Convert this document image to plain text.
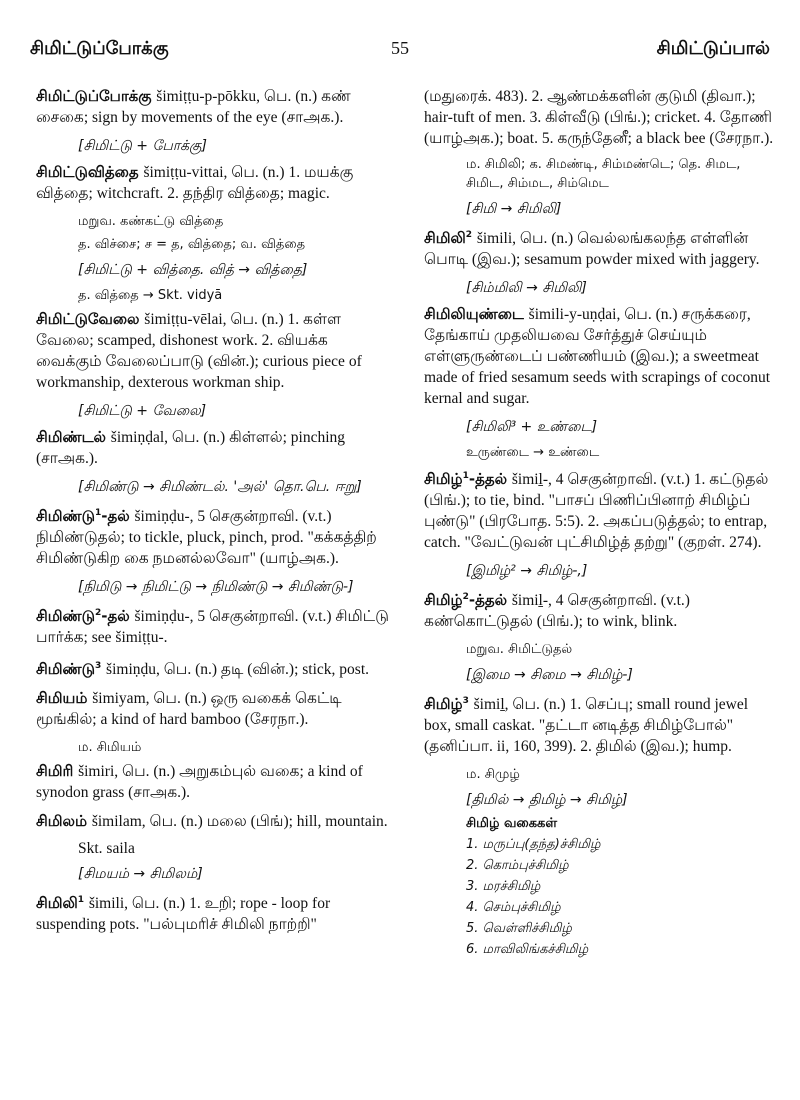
சிமிட்டுப்போக்கு	55	சிமிட்டுப்பால்
சிமிட்டுப்போக்கு šimiṭṭu-p-pōkku, பெ. (n.) கண் சைகை; sign by movements of the eye (சாஅக.).
[சிமிட்டு + போக்கு]
சிமிட்டுவித்தை šimiṭṭu-vittai, பெ. (n.) 1. மயக்கு வித்தை; witchcraft. 2. தந்திர வித்தை; magic.
மறுவ. கண்கட்டு வித்தை
த. விச்சை; ச = த, வித்தை; வ. வித்தை
[சிமிட்டு + வித்தை. வித் → வித்தை]
த. வித்தை → Skt. vidyā
சிமிட்டுவேலை šimiṭṭu-vēlai, பெ. (n.) 1. கள்ள வேலை; scamped, dishonest work. 2. வியக்க வைக்கும் வேலைப்பாடு (வின்.); curious piece of workmanship, dexterous workman ship.
[சிமிட்டு + வேலை]
சிமிண்டல் šimiṇḍal, பெ. (n.) கிள்ளல்; pinching (சாஅக.).
[சிமிண்டு → சிமிண்டல். 'அல்' தொ.பெ. ஈறு]
சிமிண்டு$^1$-தல் šimiṇḍu-, 5 செகுன்றாவி. (v.t.) நிமிண்டுதல்; to tickle, pluck, pinch, prod. "கக்கத்திற் சிமிண்டுகிற கை நமனல்லவோ" (யாழ்அக.).
[நிமிடு → நிமிட்டு → நிமிண்டு → சிமிண்டு-]
சிமிண்டு$^2$-தல் šimiṇḍu-, 5 செகுன்றாவி. (v.t.) சிமிட்டு பார்க்க; see šimiṭṭu-.
சிமிண்டு$^3$ šimiṇḍu, பெ. (n.) தடி (வின்.); stick, post.
சிமியம் šimiyam, பெ. (n.) ஒரு வகைக் கெட்டி மூங்கில்; a kind of hard bamboo (சேரநா.).
ம. சிமியம்
சிமிரி šimiri, பெ. (n.) அறுகம்புல் வகை; a kind of synodon grass (சாஅக.).
சிமிலம் šimilam, பெ. (n.) மலை (பிங்); hill, mountain.
Skt. saila
[சிமயம் → சிமிலம்]
சிமிலி$^1$ šimili, பெ. (n.) 1. உறி; rope - loop for suspending pots. "பல்புமரிச் சிமிலி நாற்றி"
(மதுரைக். 483). 2. ஆண்மக்களின் குடுமி (திவா.); hair-tuft of men. 3. கிள்வீடு (பிங்.); cricket. 4. தோணி (யாழ்அக.); boat. 5. கருந்தேனீ; a black bee (சேரநா.).
ம. சிமிலி; க. சிமண்டி, சிம்மண்டெ; தெ. சிமட, சிமிட, சிம்மட, சிம்மெட
[சிமி → சிமிலி]
சிமிலி$^2$ šimili, பெ. (n.) வெல்லங்கலந்த எள்ளின் பொடி (இவ.); sesamum powder mixed with jaggery.
[சிம்மிலி → சிமிலி]
சிமிலியுண்டை šimili-y-uṇḍai, பெ. (n.) சருக்கரை, தேங்காய் முதலியவை சேர்த்துச் செய்யும் எள்ளுருண்டைப் பண்ணியம் (இவ.); a sweetmeat made of fried sesamum seeds with scrapings of coconut kernal and sugar.
[சிமிலி³ + உண்டை]
உருண்டை → உண்டை
சிமிழ்$^1$-த்தல் šimiḻ-, 4 செகுன்றாவி. (v.t.) 1. கட்டுதல் (பிங்.); to tie, bind. "பாசப் பிணிப்பினாற் சிமிழ்ப் புண்டு" (பிரபோத. 5:5). 2. அகப்படுத்தல்; to entrap, catch. "வேட்டுவன் புட்சிமிழ்த் தற்று" (குறள். 274).
[இமிழ்² → சிமிழ்-,]
சிமிழ்$^2$-த்தல் šimiḻ-, 4 செகுன்றாவி. (v.t.) கண்கொட்டுதல் (பிங்.); to wink, blink.
மறுவ. சிமிட்டுதல்
[இமை → சிமை → சிமிழ்-]
சிமிழ்$^3$ šimiḻ, பெ. (n.) 1. செப்பு; small round jewel box, small caskat. "தட்டா னடித்த சிமிழ்போல்" (தனிப்பா. ii, 160, 399). 2. திமில் (இவ.); hump.
ம. சிமுழ்
[திமில் → திமிழ் → சிமிழ்]
சிமிழ் வகைகள்
1. மருப்பு(தந்த)ச்சிமிழ்
2. கொம்புச்சிமிழ்
3. மரச்சிமிழ்
4. செம்புச்சிமிழ்
5. வெள்ளிச்சிமிழ்
6. மாவிலிங்கச்சிமிழ்
